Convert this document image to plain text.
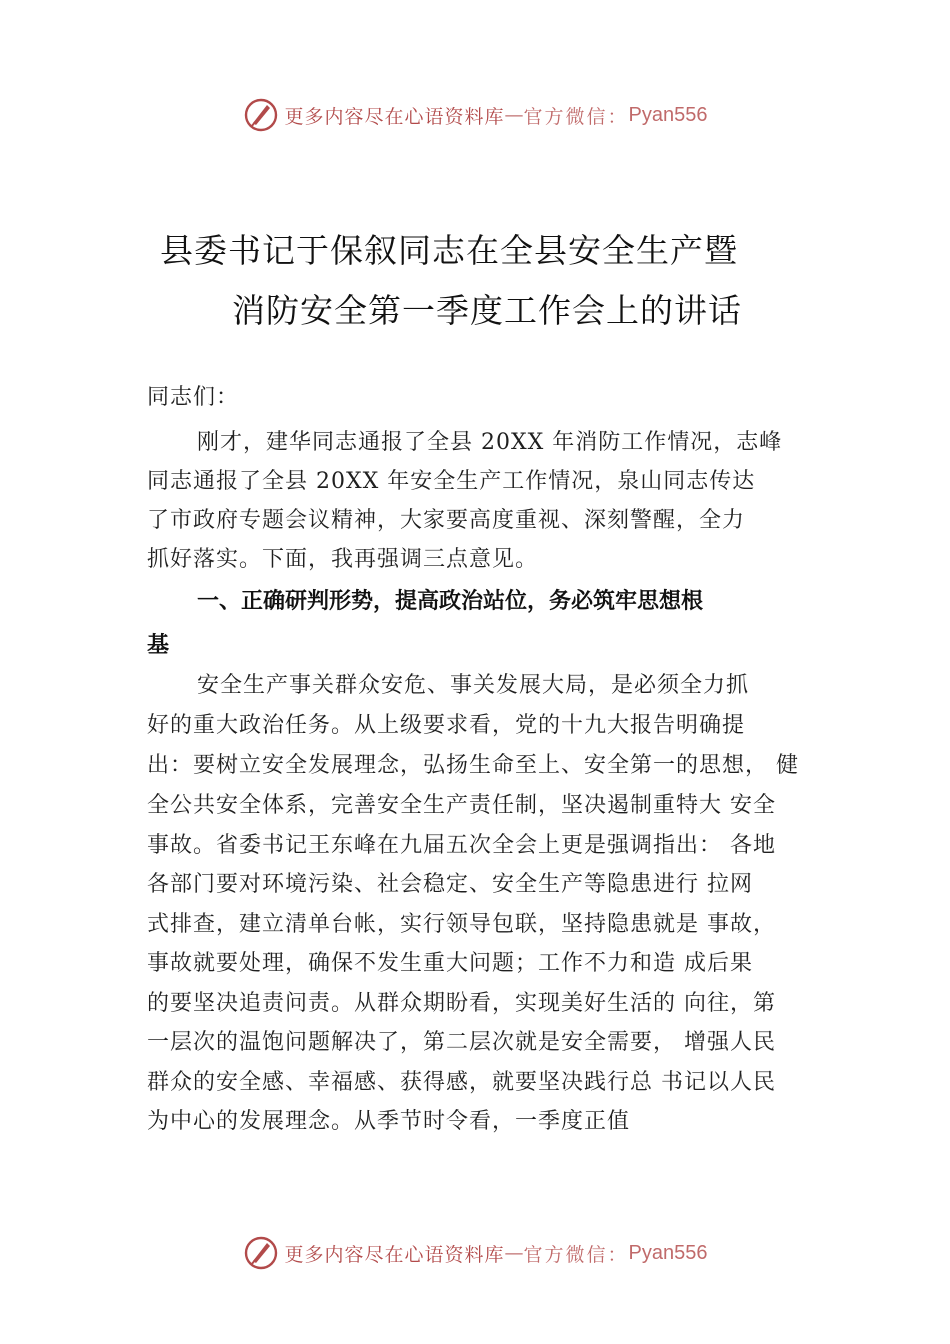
更多内容尽在心语资料库 — 官方微信： Pyan556
县委书记于保叙同志在全县安全生产暨
消防安全第一季度工作会上的讲话
同志们：
刚才，建华同志通报了全县 20XX 年消防工作情况，志峰
同志通报了全县 20XX 年安全生产工作情况，泉山同志传达
了市政府专题会议精神，大家要高度重视、深刻警醒，全力
抓好落实。下面，我再强调三点意见。
一、正确研判形势，提高政治站位，务必筑牢思想根
基
安全生产事关群众安危、事关发展大局，是必须全力抓
好的重大政治任务。从上级要求看，党的十九大报告明确提
出：要树立安全发展理念，弘扬生命至上、安全第一的思想， 健
全公共安全体系，完善安全生产责任制，坚决遏制重特大 安全
事故。省委书记王东峰在九届五次全会上更是强调指出： 各地
各部门要对环境污染、社会稳定、安全生产等隐患进行 拉网
式排查，建立清单台帐，实行领导包联，坚持隐患就是 事故，
事故就要处理，确保不发生重大问题；工作不力和造 成后果
的要坚决追责问责。从群众期盼看，实现美好生活的 向往，第
一层次的温饱问题解决了，第二层次就是安全需要， 增强人民
群众的安全感、幸福感、获得感，就要坚决践行总 书记以人民
为中心的发展理念。从季节时令看，一季度正值
更多内容尽在心语资料库 — 官方微信： Pyan556
